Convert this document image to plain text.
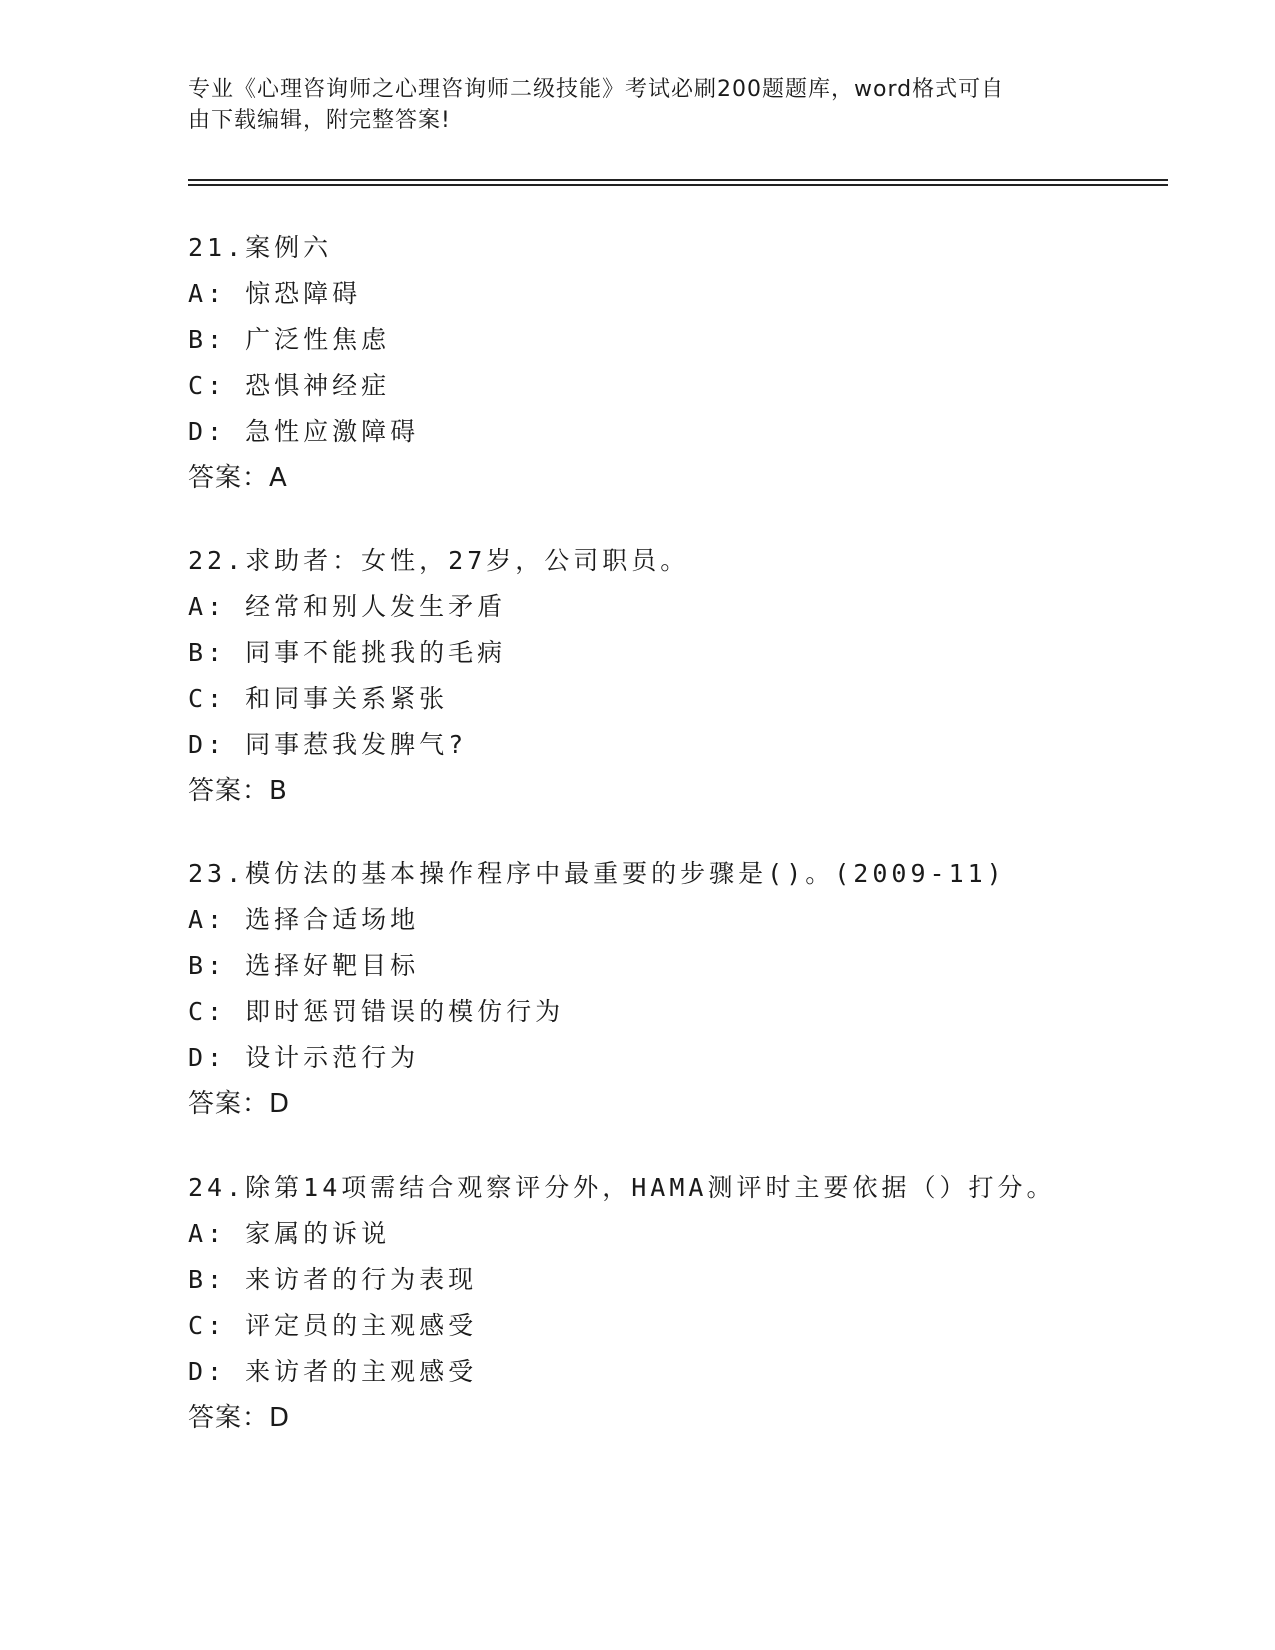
专业《心理咨询师之心理咨询师二级技能》考试必刷200题题库，word格式可自
由下载编辑，附完整答案!
21.案例六
A: 惊恐障碍
B: 广泛性焦虑
C: 恐惧神经症
D: 急性应激障碍
答案：A
22.求助者：女性，27岁，公司职员。
A: 经常和别人发生矛盾
B: 同事不能挑我的毛病
C: 和同事关系紧张
D: 同事惹我发脾气?
答案：B
23.模仿法的基本操作程序中最重要的步骤是()。(2009-11)
A: 选择合适场地
B: 选择好靶目标
C: 即时惩罚错误的模仿行为
D: 设计示范行为
答案：D
24.除第14项需结合观察评分外，HAMA测评时主要依据（）打分。
A: 家属的诉说
B: 来访者的行为表现
C: 评定员的主观感受
D: 来访者的主观感受
答案：D
